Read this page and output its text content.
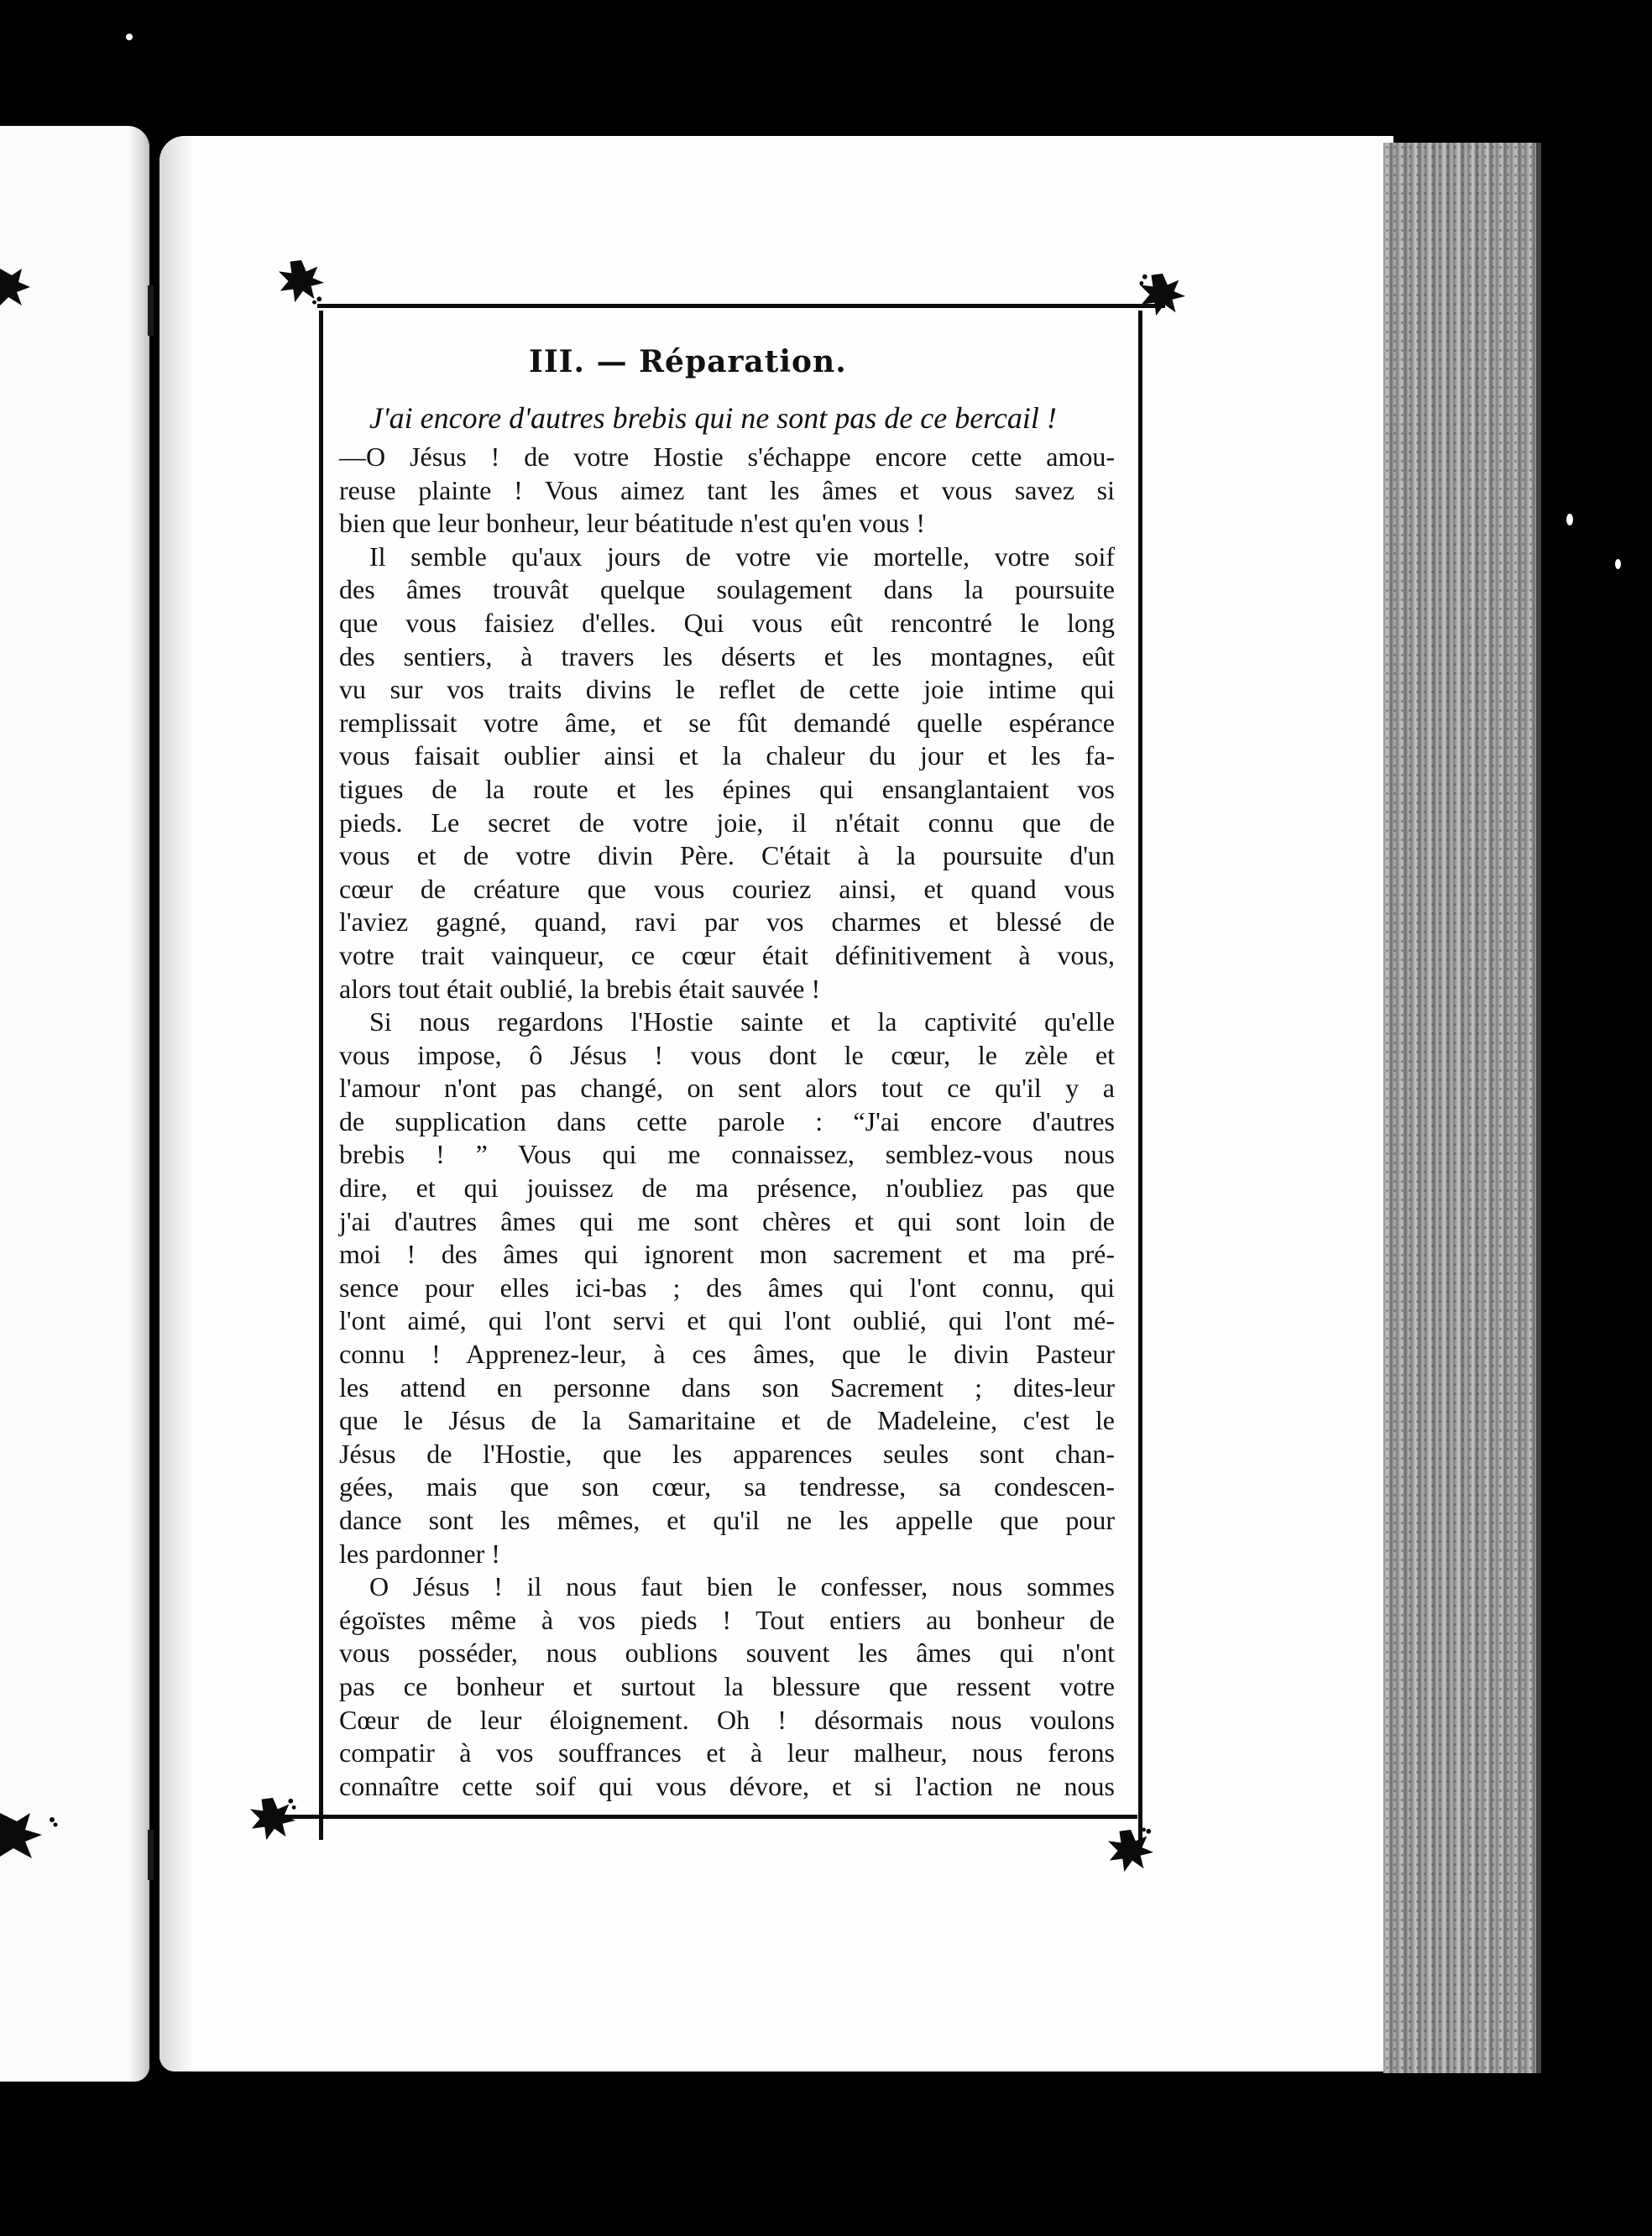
III. — Réparation.
J'ai encore d'autres brebis qui ne sont pas de ce bercail !
—O Jésus ! de votre Hostie s'échappe encore cette amou-
reuse plainte ! Vous aimez tant les âmes et vous savez si
bien que leur bonheur, leur béatitude n'est qu'en vous !
Il semble qu'aux jours de votre vie mortelle, votre soif
des âmes trouvât quelque soulagement dans la poursuite
que vous faisiez d'elles. Qui vous eût rencontré le long
des sentiers, à travers les déserts et les montagnes, eût
vu sur vos traits divins le reflet de cette joie intime qui
remplissait votre âme, et se fût demandé quelle espérance
vous faisait oublier ainsi et la chaleur du jour et les fa-
tigues de la route et les épines qui ensanglantaient vos
pieds. Le secret de votre joie, il n'était connu que de
vous et de votre divin Père. C'était à la poursuite d'un
cœur de créature que vous couriez ainsi, et quand vous
l'aviez gagné, quand, ravi par vos charmes et blessé de
votre trait vainqueur, ce cœur était définitivement à vous,
alors tout était oublié, la brebis était sauvée !
Si nous regardons l'Hostie sainte et la captivité qu'elle
vous impose, ô Jésus ! vous dont le cœur, le zèle et
l'amour n'ont pas changé, on sent alors tout ce qu'il y a
de supplication dans cette parole : “J'ai encore d'autres
brebis ! ” Vous qui me connaissez, semblez-vous nous
dire, et qui jouissez de ma présence, n'oubliez pas que
j'ai d'autres âmes qui me sont chères et qui sont loin de
moi ! des âmes qui ignorent mon sacrement et ma pré-
sence pour elles ici-bas ; des âmes qui l'ont connu, qui
l'ont aimé, qui l'ont servi et qui l'ont oublié, qui l'ont mé-
connu ! Apprenez-leur, à ces âmes, que le divin Pasteur
les attend en personne dans son Sacrement ; dites-leur
que le Jésus de la Samaritaine et de Madeleine, c'est le
Jésus de l'Hostie, que les apparences seules sont chan-
gées, mais que son cœur, sa tendresse, sa condescen-
dance sont les mêmes, et qu'il ne les appelle que pour
les pardonner !
O Jésus ! il nous faut bien le confesser, nous sommes
égoïstes même à vos pieds ! Tout entiers au bonheur de
vous posséder, nous oublions souvent les âmes qui n'ont
pas ce bonheur et surtout la blessure que ressent votre
Cœur de leur éloignement. Oh ! désormais nous voulons
compatir à vos souffrances et à leur malheur, nous ferons
connaître cette soif qui vous dévore, et si l'action ne nous
